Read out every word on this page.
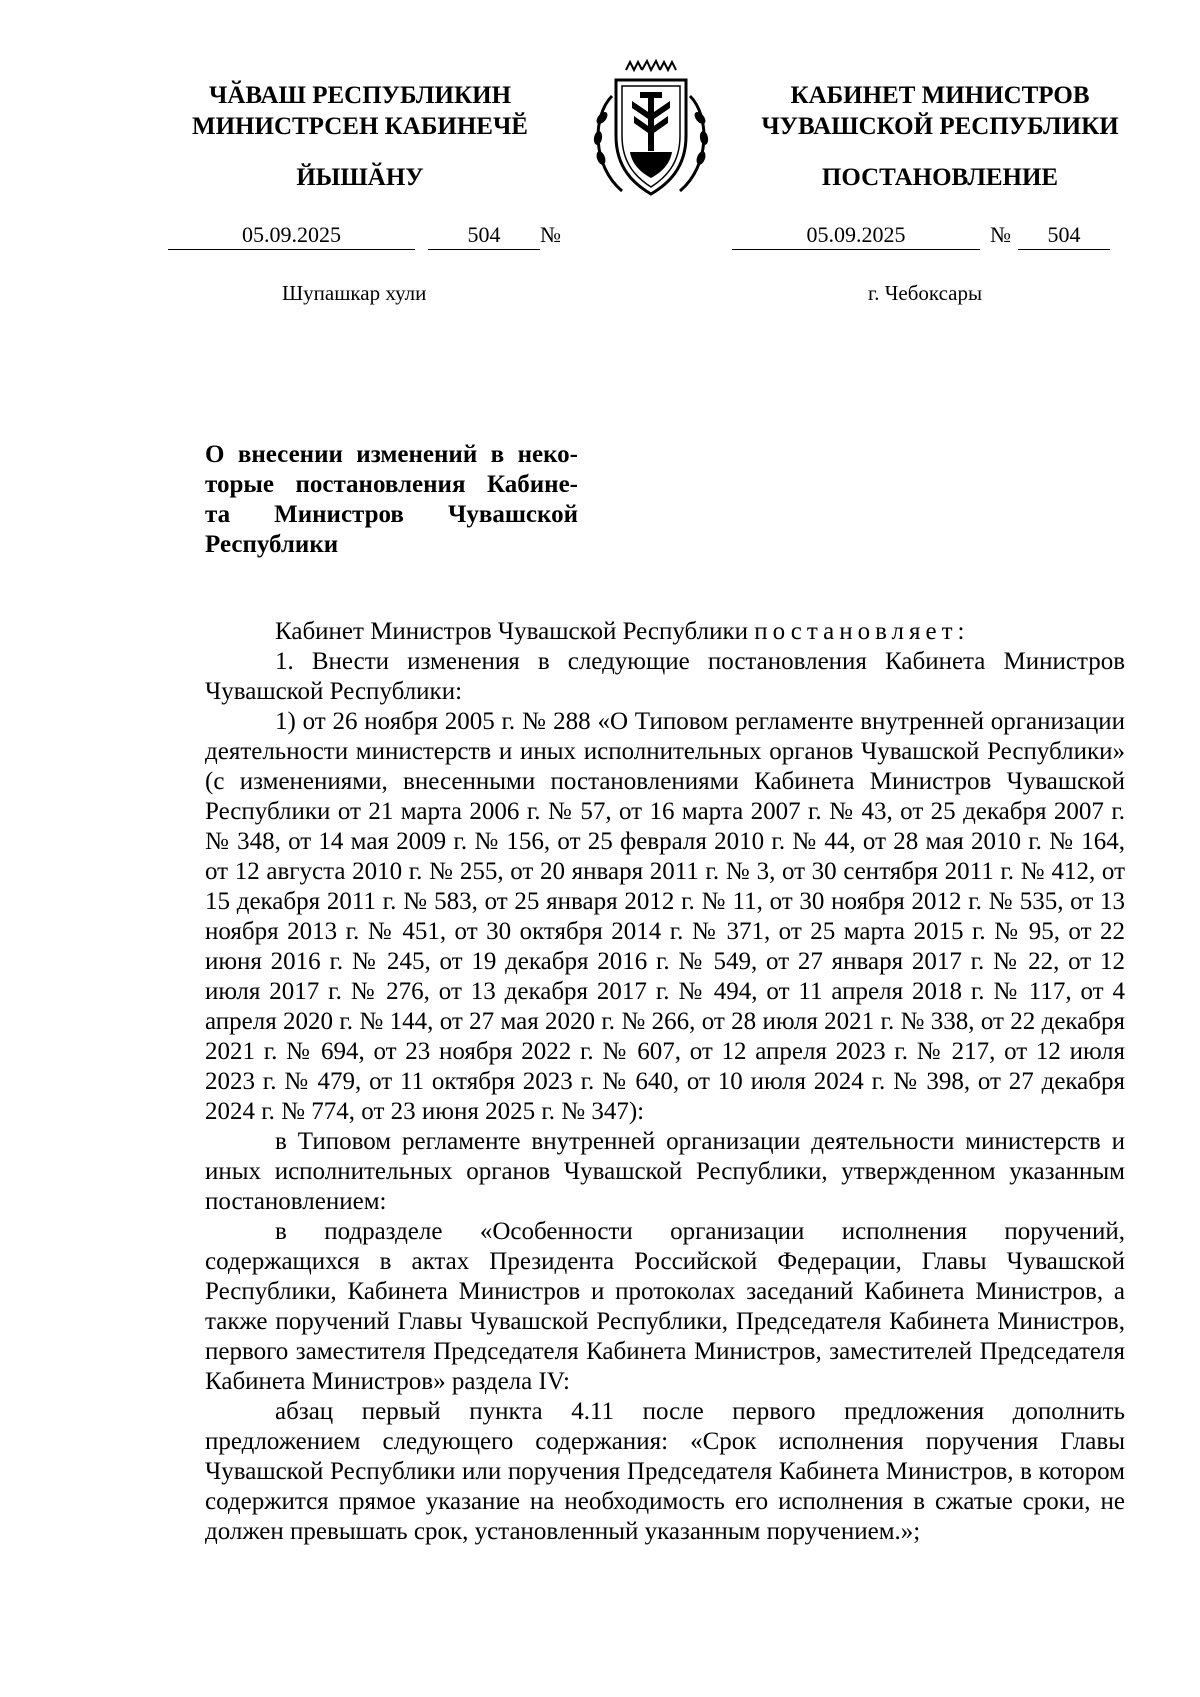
ЧӐВАШ РЕСПУБЛИКИН
МИНИСТРСЕН КАБИНЕЧӖ
ЙЫШӐНУ
КАБИНЕТ МИНИСТРОВ
ЧУВАШСКОЙ РЕСПУБЛИКИ
ПОСТАНОВЛЕНИЕ
05.09.2025	504	№	05.09.2025	№	504
Шупашкар хули	г. Чебоксары
О внесении изменений в неко-
торые постановления Кабине-
та Министров Чувашской
Республики

Кабинет Министров Чувашской Республики постановляет:

1. Внести изменения в следующие постановления Кабинета Министров Чувашской Республики:

1) от 26 ноября 2005 г. № 288 «О Типовом регламенте внутренней организации деятельности министерств и иных исполнительных органов Чувашской Республики» (с изменениями, внесенными постановлениями Кабинета Министров Чувашской Республики от 21 марта 2006 г. № 57, от 16 марта 2007 г. № 43, от 25 декабря 2007 г. № 348, от 14 мая 2009 г. № 156, от 25 февраля 2010 г. № 44, от 28 мая 2010 г. № 164, от 12 августа 2010 г. № 255, от 20 января 2011 г. № 3, от 30 сентября 2011 г. № 412, от 15 декабря 2011 г. № 583, от 25 января 2012 г. № 11, от 30 ноября 2012 г. № 535, от 13 ноября 2013 г. № 451, от 30 октября 2014 г. № 371, от 25 марта 2015 г. № 95, от 22 июня 2016 г. № 245, от 19 декабря 2016 г. № 549, от 27 января 2017 г. № 22, от 12 июля 2017 г. № 276, от 13 декабря 2017 г. № 494, от 11 апреля 2018 г. № 117, от 4 апреля 2020 г. № 144, от 27 мая 2020 г. № 266, от 28 июля 2021 г. № 338, от 22 декабря 2021 г. № 694, от 23 ноября 2022 г. № 607, от 12 апреля 2023 г. № 217, от 12 июля 2023 г. № 479, от 11 октября 2023 г. № 640, от 10 июля 2024 г. № 398, от 27 декабря 2024 г. № 774, от 23 июня 2025 г. № 347):

в Типовом регламенте внутренней организации деятельности министерств и иных исполнительных органов Чувашской Республики, утвержденном указанным постановлением:

в подразделе «Особенности организации исполнения поручений, содержащихся в актах Президента Российской Федерации, Главы Чувашской Республики, Кабинета Министров и протоколах заседаний Кабинета Министров, а также поручений Главы Чувашской Республики, Председателя Кабинета Министров, первого заместителя Председателя Кабинета Министров, заместителей Председателя Кабинета Министров» раздела IV:

абзац первый пункта 4.11 после первого предложения дополнить предложением следующего содержания: «Срок исполнения поручения Главы Чувашской Республики или поручения Председателя Кабинета Министров, в котором содержится прямое указание на необходимость его исполнения в сжатые сроки, не должен превышать срок, установленный указанным поручением.»;
